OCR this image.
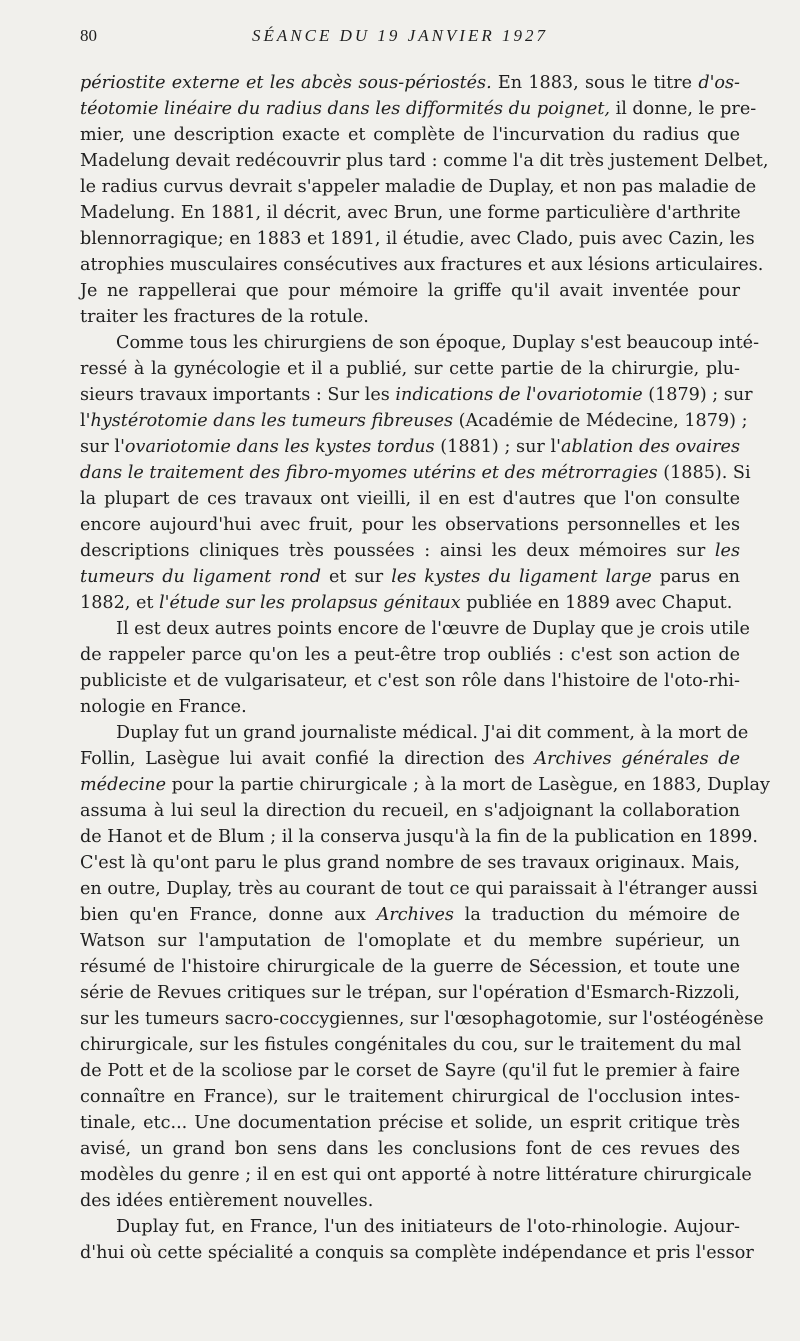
80	SÉANCE DU 19 JANVIER 1927
périostite externe et les abcès sous-périostés. En 1883, sous le titre d'os-
téotomie linéaire du radius dans les difformités du poignet, il donne, le pre-
mier, une description exacte et complète de l'incurvation du radius que
Madelung devait redécouvrir plus tard : comme l'a dit très justement Delbet,
le radius curvus devrait s'appeler maladie de Duplay, et non pas maladie de
Madelung. En 1881, il décrit, avec Brun, une forme particulière d'arthrite
blennorragique; en 1883 et 1891, il étudie, avec Clado, puis avec Cazin, les
atrophies musculaires consécutives aux fractures et aux lésions articulaires.
Je ne rappellerai que pour mémoire la griffe qu'il avait inventée pour
traiter les fractures de la rotule.
Comme tous les chirurgiens de son époque, Duplay s'est beaucoup inté-
ressé à la gynécologie et il a publié, sur cette partie de la chirurgie, plu-
sieurs travaux importants : Sur les indications de l'ovariotomie (1879) ; sur
l'hystérotomie dans les tumeurs fibreuses (Académie de Médecine, 1879) ;
sur l'ovariotomie dans les kystes tordus (1881) ; sur l'ablation des ovaires
dans le traitement des fibro-myomes utérins et des métrorragies (1885). Si
la plupart de ces travaux ont vieilli, il en est d'autres que l'on consulte
encore aujourd'hui avec fruit, pour les observations personnelles et les
descriptions cliniques très poussées : ainsi les deux mémoires sur les
tumeurs du ligament rond et sur les kystes du ligament large parus en
1882, et l'étude sur les prolapsus génitaux publiée en 1889 avec Chaput.
Il est deux autres points encore de l'œuvre de Duplay que je crois utile
de rappeler parce qu'on les a peut-être trop oubliés : c'est son action de
publiciste et de vulgarisateur, et c'est son rôle dans l'histoire de l'oto-rhi-
nologie en France.
Duplay fut un grand journaliste médical. J'ai dit comment, à la mort de
Follin, Lasègue lui avait confié la direction des Archives générales de
médecine pour la partie chirurgicale ; à la mort de Lasègue, en 1883, Duplay
assuma à lui seul la direction du recueil, en s'adjoignant la collaboration
de Hanot et de Blum ; il la conserva jusqu'à la fin de la publication en 1899.
C'est là qu'ont paru le plus grand nombre de ses travaux originaux. Mais,
en outre, Duplay, très au courant de tout ce qui paraissait à l'étranger aussi
bien qu'en France, donne aux Archives la traduction du mémoire de
Watson sur l'amputation de l'omoplate et du membre supérieur, un
résumé de l'histoire chirurgicale de la guerre de Sécession, et toute une
série de Revues critiques sur le trépan, sur l'opération d'Esmarch-Rizzoli,
sur les tumeurs sacro-coccygiennes, sur l'œsophagotomie, sur l'ostéogénèse
chirurgicale, sur les fistules congénitales du cou, sur le traitement du mal
de Pott et de la scoliose par le corset de Sayre (qu'il fut le premier à faire
connaître en France), sur le traitement chirurgical de l'occlusion intes-
tinale, etc... Une documentation précise et solide, un esprit critique très
avisé, un grand bon sens dans les conclusions font de ces revues des
modèles du genre ; il en est qui ont apporté à notre littérature chirurgicale
des idées entièrement nouvelles.
Duplay fut, en France, l'un des initiateurs de l'oto-rhinologie. Aujour-
d'hui où cette spécialité a conquis sa complète indépendance et pris l'essor
